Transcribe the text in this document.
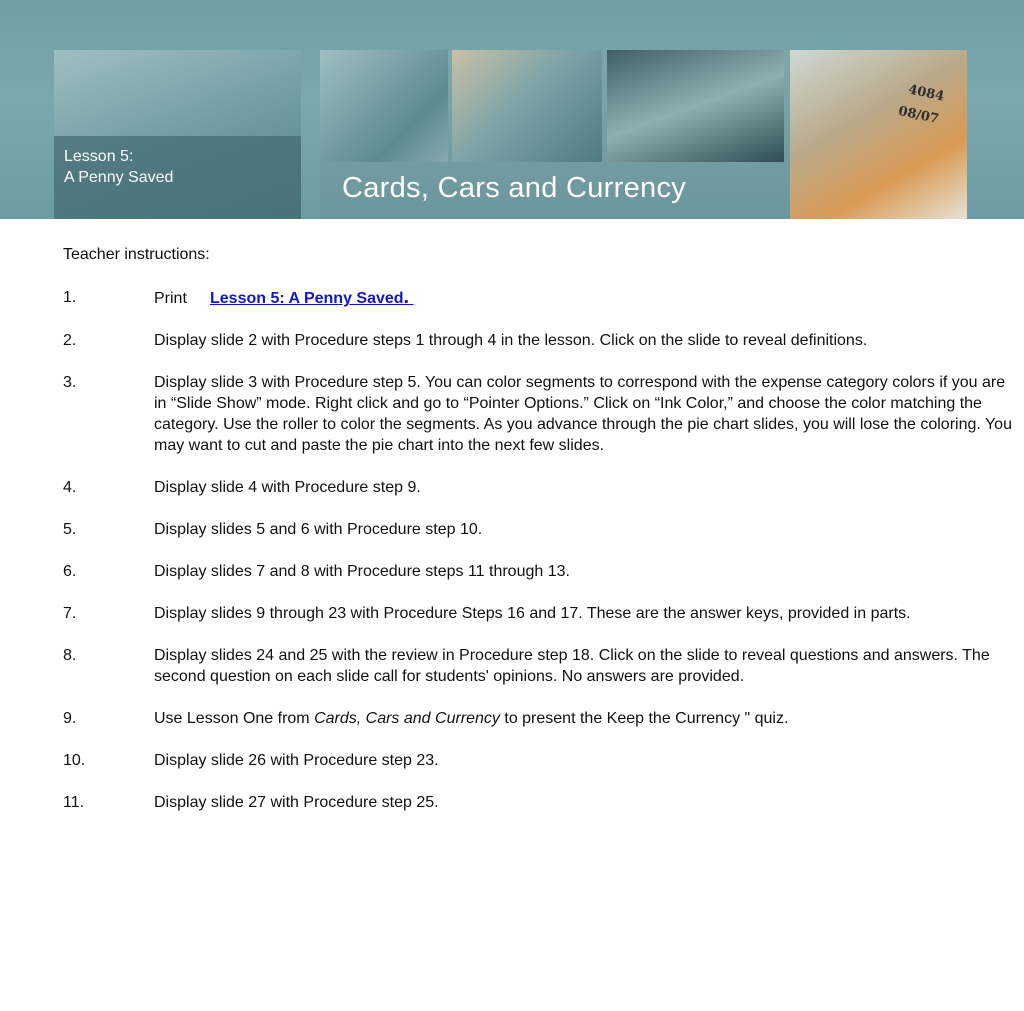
Lesson 5:
A Penny Saved
4084
08/07
Cards, Cars and Currency
Teacher instructions:
1.	Print Lesson 5: A Penny Saved.
2.	Display slide 2 with Procedure steps 1 through 4 in the lesson. Click on the slide to reveal definitions.
3.	Display slide 3 with Procedure step 5. You can color segments to correspond with the expense category colors if you are in “Slide Show” mode. Right click and go to “Pointer Options.” Click on “Ink Color,” and choose the color matching the category. Use the roller to color the segments. As you advance through the pie chart slides, you will lose the coloring. You may want to cut and paste the pie chart into the next few slides.
4.	Display slide 4 with Procedure step 9.
5.	Display slides 5 and 6 with Procedure step 10.
6.	Display slides 7 and 8 with Procedure steps 11 through 13.
7.	Display slides 9 through 23 with Procedure Steps 16 and 17. These are the answer keys, provided in parts.
8.	Display slides 24 and 25 with the review in Procedure step 18. Click on the slide to reveal questions and answers. The second question on each slide call for students' opinions. No answers are provided.
9.	Use Lesson One from Cards, Cars and Currency to present the Keep the Currency " quiz.
10.	Display slide 26 with Procedure step 23.
11.	Display slide 27 with Procedure step 25.
